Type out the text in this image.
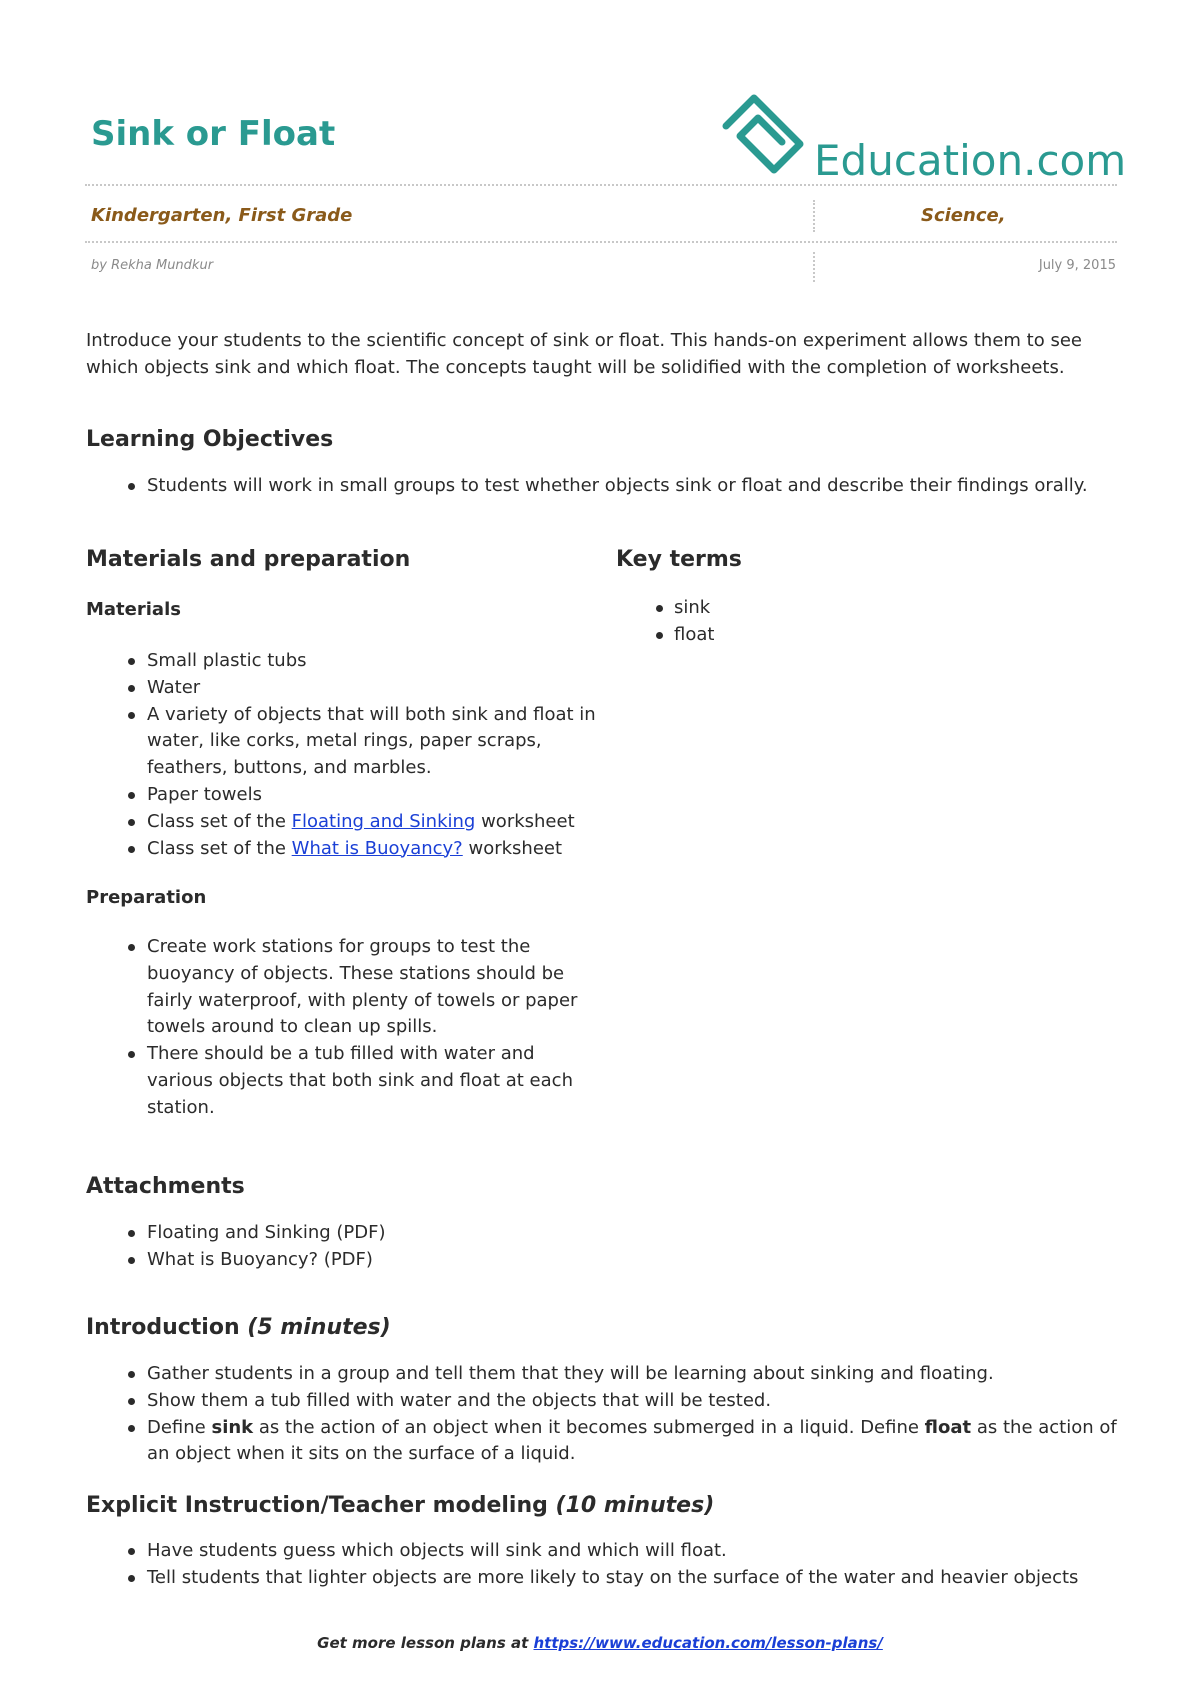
Sink or Float
Education.com
Kindergarten, First Grade	Science,
by Rekha Mundkur	July 9, 2015
Introduce your students to the scientific concept of sink or float. This hands-on experiment allows them to see which objects sink and which float. The concepts taught will be solidified with the completion of worksheets.
Learning Objectives
Students will work in small groups to test whether objects sink or float and describe their findings orally.
Materials and preparation
Materials
Small plastic tubs
Water
A variety of objects that will both sink and float in water, like corks, metal rings, paper scraps, feathers, buttons, and marbles.
Paper towels
Class set of the Floating and Sinking worksheet
Class set of the What is Buoyancy? worksheet
Preparation
Create work stations for groups to test the buoyancy of objects. These stations should be fairly waterproof, with plenty of towels or paper towels around to clean up spills.
There should be a tub filled with water and various objects that both sink and float at each station.
Key terms
sink
float
Attachments
Floating and Sinking (PDF)
What is Buoyancy? (PDF)
Introduction (5 minutes)
Gather students in a group and tell them that they will be learning about sinking and floating.
Show them a tub filled with water and the objects that will be tested.
Define sink as the action of an object when it becomes submerged in a liquid. Define float as the action of an object when it sits on the surface of a liquid.
Explicit Instruction/Teacher modeling (10 minutes)
Have students guess which objects will sink and which will float.
Tell students that lighter objects are more likely to stay on the surface of the water and heavier objects
Get more lesson plans at https://www.education.com/lesson-plans/
